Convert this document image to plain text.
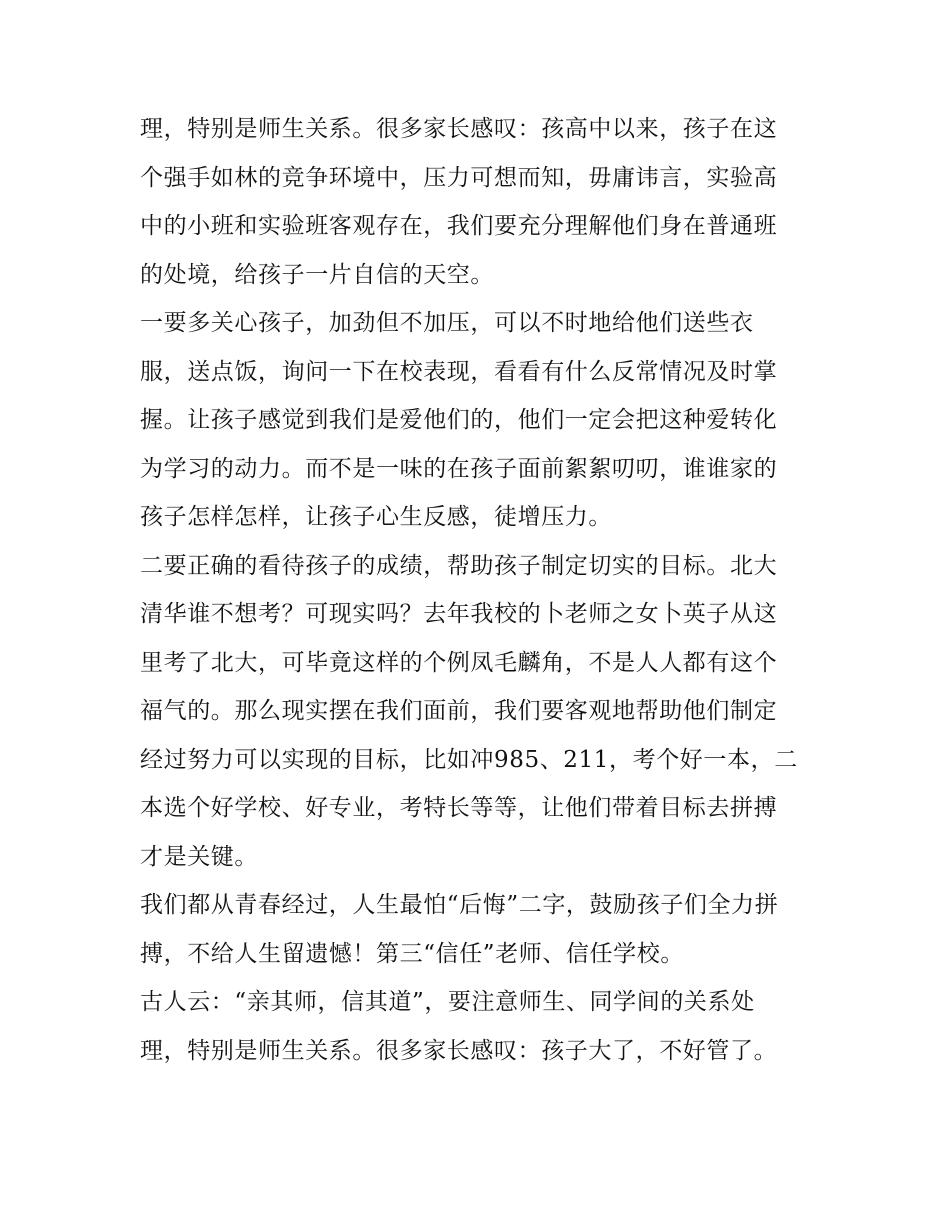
理，特别是师生关系。很多家长感叹：孩高中以来，孩子在这
个强手如林的竞争环境中，压力可想而知，毋庸讳言，实验高
中的小班和实验班客观存在，我们要充分理解他们身在普通班
的处境，给孩子一片自信的天空。
一要多关心孩子，加劲但不加压，可以不时地给他们送些衣
服，送点饭，询问一下在校表现，看看有什么反常情况及时掌
握。让孩子感觉到我们是爱他们的，他们一定会把这种爱转化
为学习的动力。而不是一味的在孩子面前絮絮叨叨，谁谁家的
孩子怎样怎样，让孩子心生反感，徒增压力。
二要正确的看待孩子的成绩，帮助孩子制定切实的目标。北大
清华谁不想考？可现实吗？去年我校的卜老师之女卜英子从这
里考了北大，可毕竟这样的个例凤毛麟角，不是人人都有这个
福气的。那么现实摆在我们面前，我们要客观地帮助他们制定
经过努力可以实现的目标，比如冲985、211，考个好一本，二
本选个好学校、好专业，考特长等等，让他们带着目标去拼搏
才是关键。
我们都从青春经过，人生最怕“后悔”二字，鼓励孩子们全力拼
搏，不给人生留遗憾！第三“信任”老师、信任学校。
古人云：“亲其师，信其道”，要注意师生、同学间的关系处
理，特别是师生关系。很多家长感叹：孩子大了，不好管了。
